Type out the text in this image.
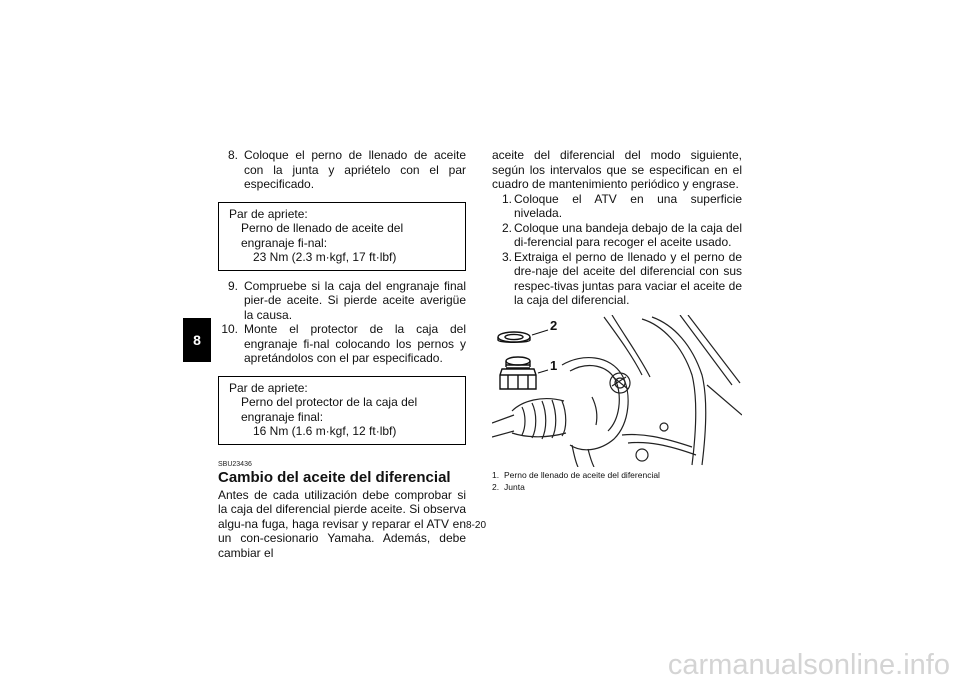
8
8. Coloque el perno de llenado de aceite con la junta y apriételo con el par especificado.
Par de apriete:
Perno de llenado de aceite del engranaje fi-nal:
23 Nm (2.3 m·kgf, 17 ft·lbf)
9. Compruebe si la caja del engranaje final pier-de aceite. Si pierde aceite averigüe la causa.
10. Monte el protector de la caja del engranaje fi-nal colocando los pernos y apretándolos con el par especificado.
Par de apriete:
Perno del protector de la caja del engranaje final:
16 Nm (1.6 m·kgf, 12 ft·lbf)
SBU23436
Cambio del aceite del diferencial
Antes de cada utilización debe comprobar si la caja del diferencial pierde aceite. Si observa algu-na fuga, haga revisar y reparar el ATV en un con-cesionario Yamaha. Además, debe cambiar el
aceite del diferencial del modo siguiente, según los intervalos que se especifican en el cuadro de mantenimiento periódico y engrase.
1. Coloque el ATV en una superficie nivelada.
2. Coloque una bandeja debajo de la caja del di-ferencial para recoger el aceite usado.
3. Extraiga el perno de llenado y el perno de dre-naje del aceite del diferencial con sus respec-tivas juntas para vaciar el aceite de la caja del diferencial.
2
1
1. Perno de llenado de aceite del diferencial
2. Junta
8-20
carmanualsonline.info
